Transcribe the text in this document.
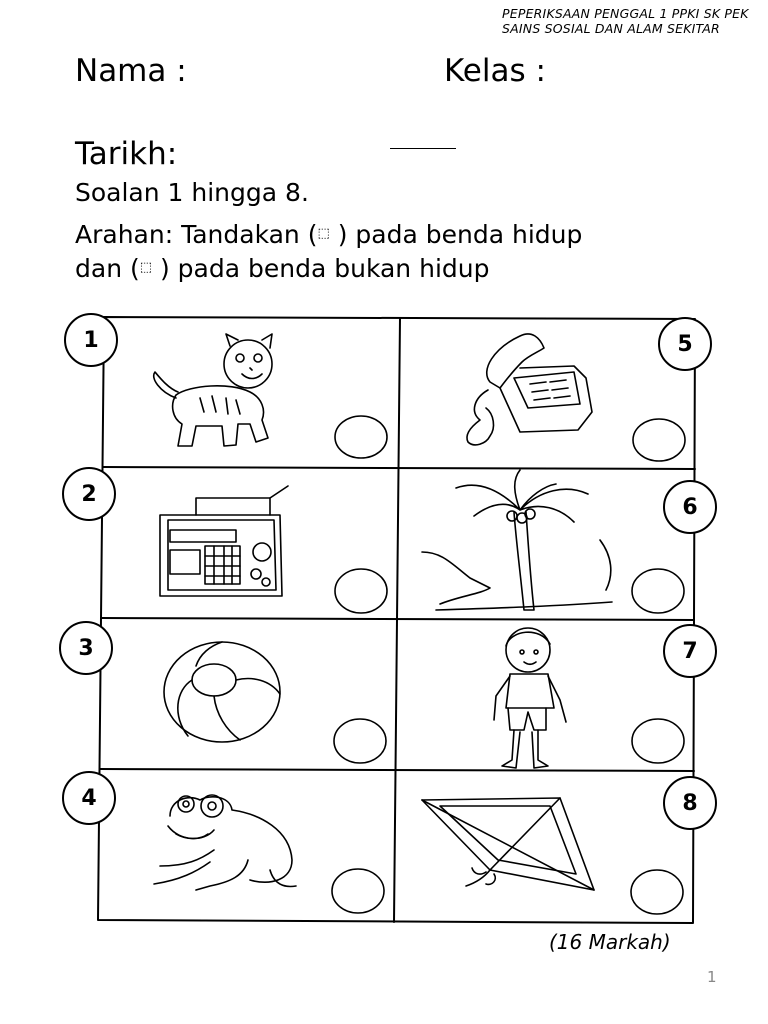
PEPERIKSAAN PENGGAL 1 PPKI SK PEK
SAINS SOSIAL DAN ALAM SEKITAR
Nama :	Kelas :
Tarikh:
Soalan 1 hingga 8.
Arahan: Tandakan (⬚ ) pada benda hidup
dan (⬚ ) pada benda bukan hidup
1
2
3
4
5
6
7
8
(16 Markah)
1
